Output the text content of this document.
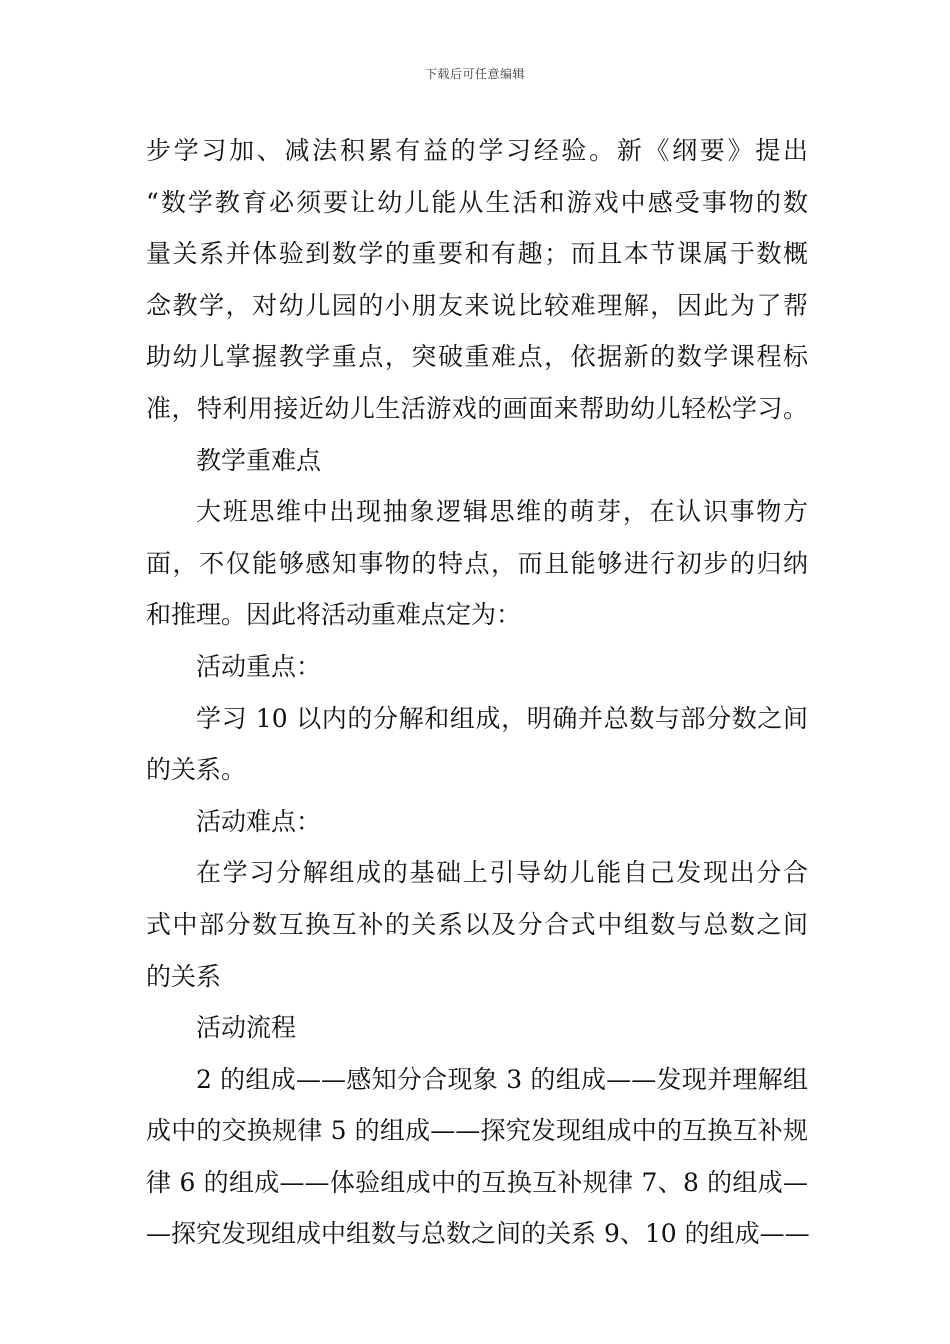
下载后可任意编辑
步学习加、减法积累有益的学习经验。新《纲要》提出
“数学教育必须要让幼儿能从生活和游戏中感受事物的数
量关系并体验到数学的重要和有趣；而且本节课属于数概
念教学，对幼儿园的小朋友来说比较难理解，因此为了帮
助幼儿掌握教学重点，突破重难点，依据新的数学课程标
准，特利用接近幼儿生活游戏的画面来帮助幼儿轻松学习。
教学重难点
大班思维中出现抽象逻辑思维的萌芽，在认识事物方
面，不仅能够感知事物的特点，而且能够进行初步的归纳
和推理。因此将活动重难点定为：
活动重点：
学习 10 以内的分解和组成，明确并总数与部分数之间
的关系。
活动难点：
在学习分解组成的基础上引导幼儿能自己发现出分合
式中部分数互换互补的关系以及分合式中组数与总数之间
的关系
活动流程
2 的组成——感知分合现象 3 的组成——发现并理解组
成中的交换规律 5 的组成——探究发现组成中的互换互补规
律 6 的组成——体验组成中的互换互补规律 7、8 的组成—
—探究发现组成中组数与总数之间的关系 9、10 的组成——
